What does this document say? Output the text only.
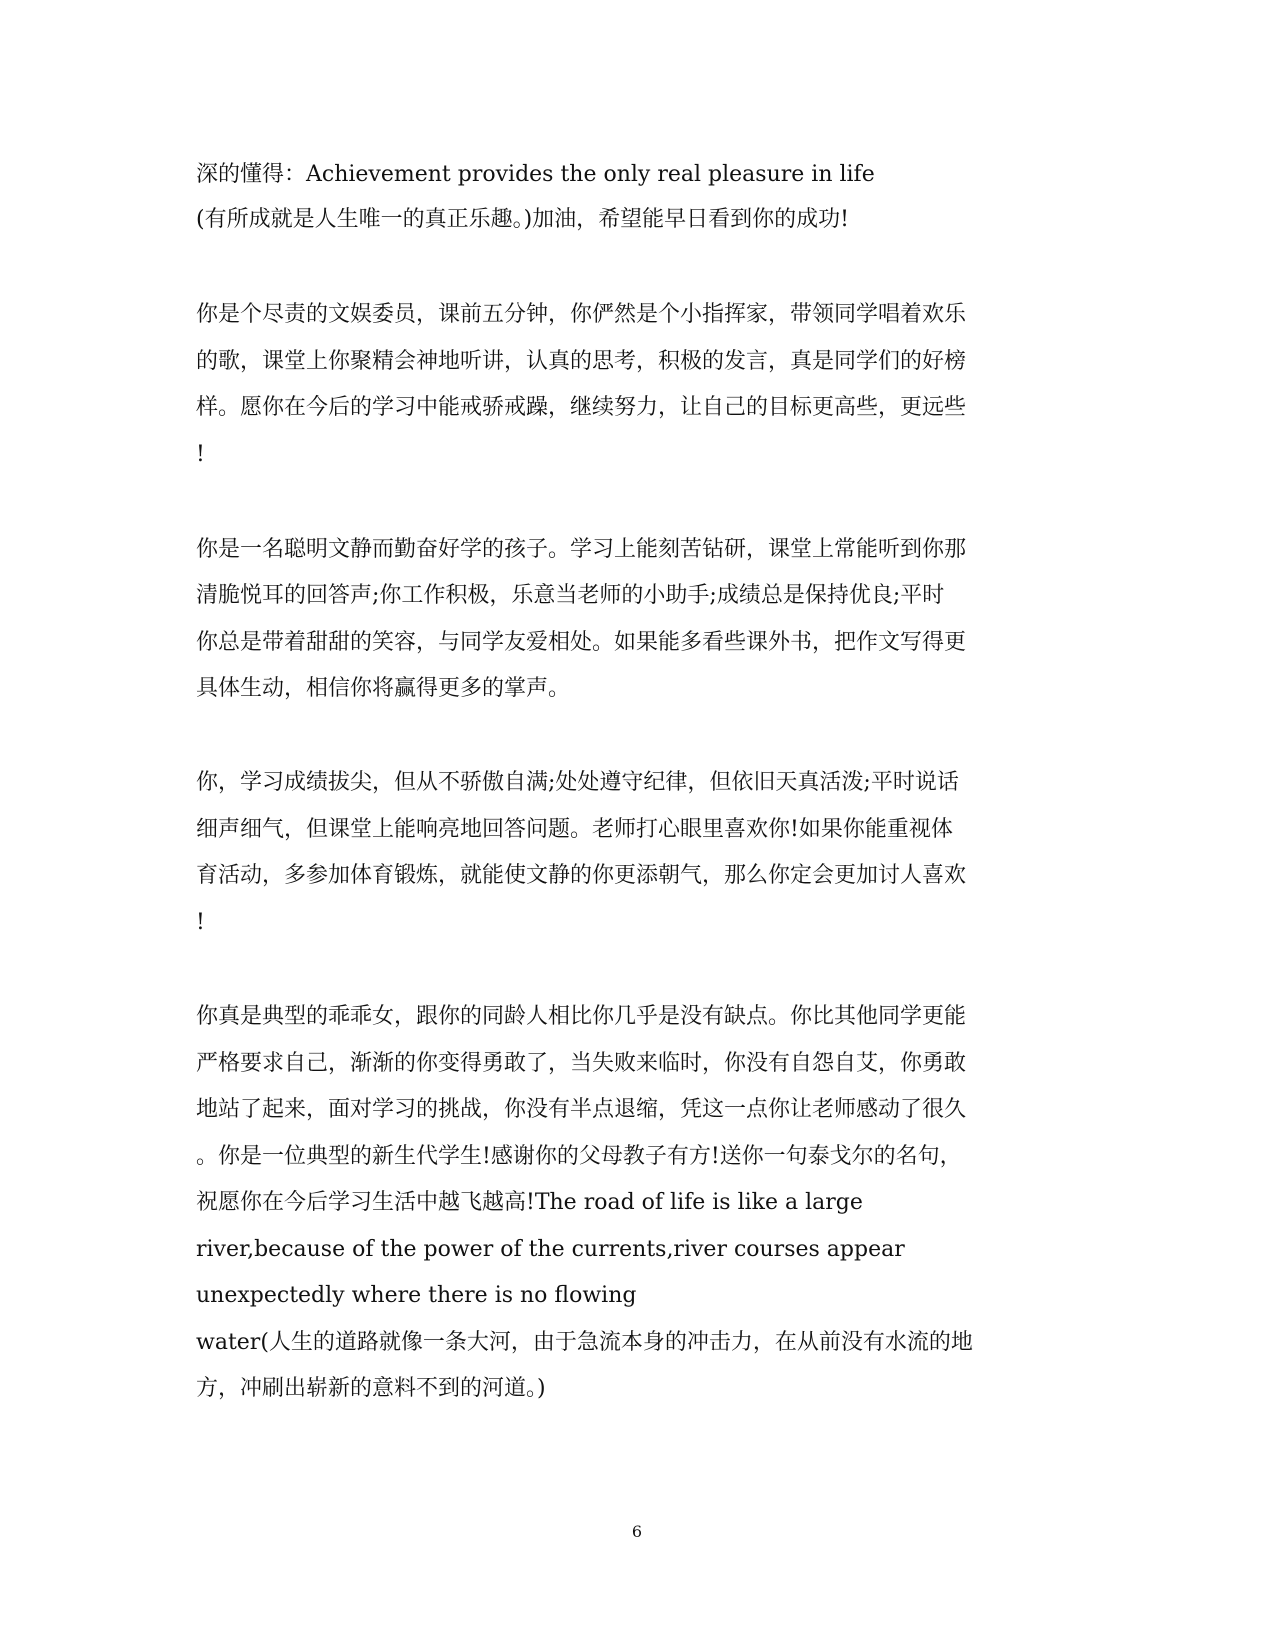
深的懂得：Achievement provides the only real pleasure in life
(有所成就是人生唯一的真正乐趣。)加油，希望能早日看到你的成功!
你是个尽责的文娱委员，课前五分钟，你俨然是个小指挥家，带领同学唱着欢乐
的歌，课堂上你聚精会神地听讲，认真的思考，积极的发言，真是同学们的好榜
样。愿你在今后的学习中能戒骄戒躁，继续努力，让自己的目标更高些，更远些
!
你是一名聪明文静而勤奋好学的孩子。学习上能刻苦钻研，课堂上常能听到你那
清脆悦耳的回答声;你工作积极，乐意当老师的小助手;成绩总是保持优良;平时
你总是带着甜甜的笑容，与同学友爱相处。如果能多看些课外书，把作文写得更
具体生动，相信你将赢得更多的掌声。
你，学习成绩拔尖，但从不骄傲自满;处处遵守纪律，但依旧天真活泼;平时说话
细声细气，但课堂上能响亮地回答问题。老师打心眼里喜欢你!如果你能重视体
育活动，多参加体育锻炼，就能使文静的你更添朝气，那么你定会更加讨人喜欢
!
你真是典型的乖乖女，跟你的同龄人相比你几乎是没有缺点。你比其他同学更能
严格要求自己，渐渐的你变得勇敢了，当失败来临时，你没有自怨自艾，你勇敢
地站了起来，面对学习的挑战，你没有半点退缩，凭这一点你让老师感动了很久
。你是一位典型的新生代学生!感谢你的父母教子有方!送你一句泰戈尔的名句，
祝愿你在今后学习生活中越飞越高!The road of life is like a large
river,because of the power of the currents,river courses appear
unexpectedly where there is no flowing
water(人生的道路就像一条大河，由于急流本身的冲击力，在从前没有水流的地
方，冲刷出崭新的意料不到的河道。)
6
